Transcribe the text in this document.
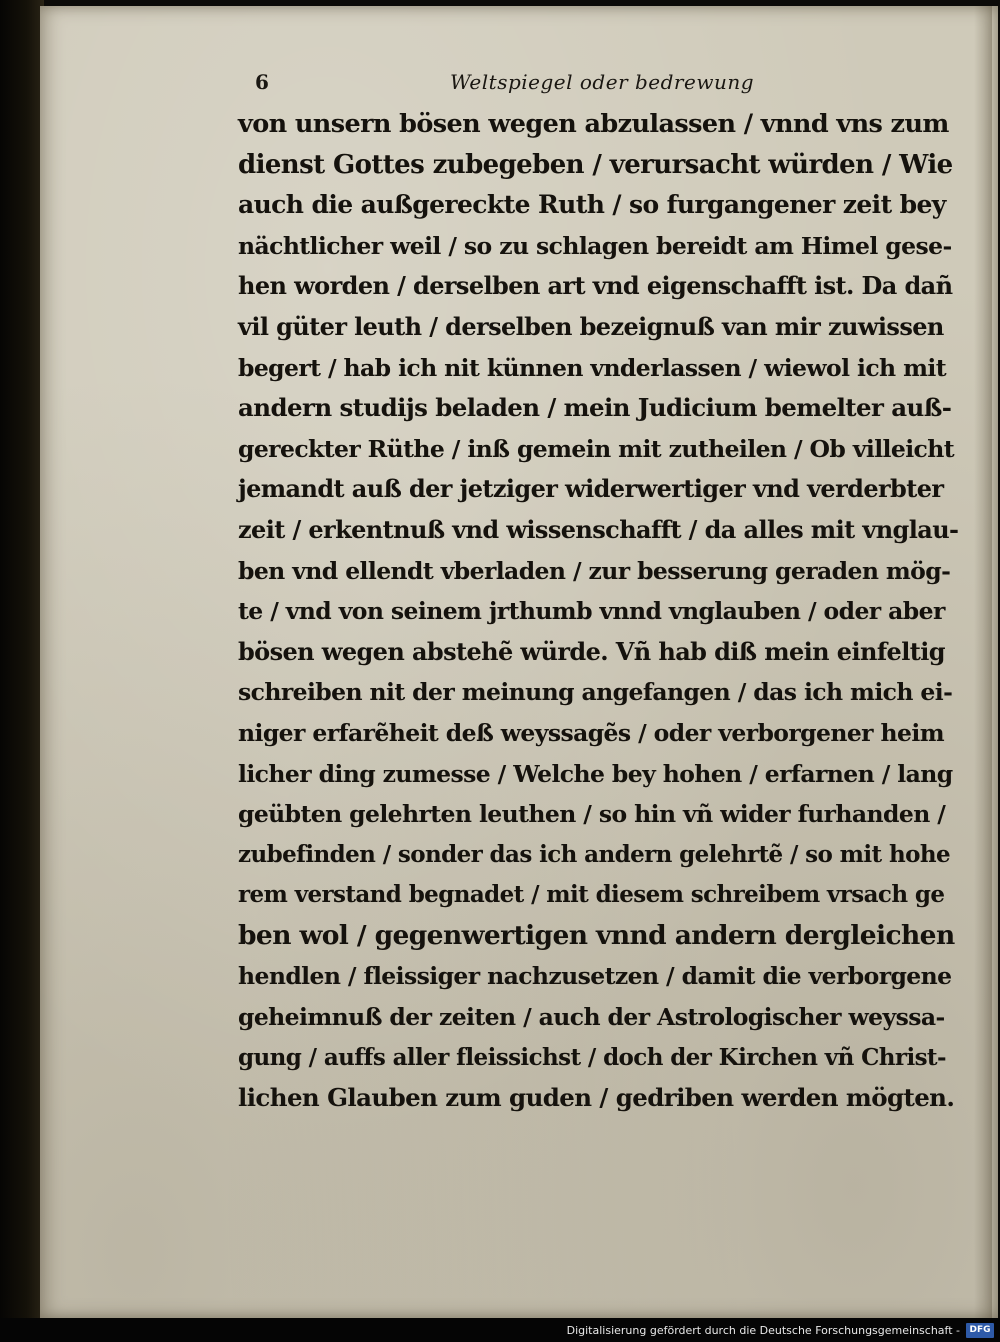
6	Weltspiegel oder bedrewung
von unsern bösen wegen abzulassen / vnnd vns zum
dienst Gottes zubegeben / verursacht würden / Wie
auch die außgereckte Ruth / so furgangener zeit bey
nächtlicher weil / so zu schlagen bereidt am Himel gese-
hen worden / derselben art vnd eigenschafft ist. Da dañ
vil güter leuth / derselben bezeignuß van mir zuwissen
begert / hab ich nit künnen vnderlassen / wiewol ich mit
andern studijs beladen / mein Judicium bemelter auß-
gereckter Rüthe / inß gemein mit zutheilen / Ob villeicht
jemandt auß der jetziger widerwertiger vnd verderbter
zeit / erkentnuß vnd wissenschafft / da alles mit vnglau-
ben vnd ellendt vberladen / zur besserung geraden mög-
te / vnd von seinem jrthumb vnnd vnglauben / oder aber
bösen wegen abstehẽ würde. Vñ hab diß mein einfeltig
schreiben nit der meinung angefangen / das ich mich ei-
niger erfarẽheit deß weyssagẽs / oder verborgener heim
licher ding zumesse / Welche bey hohen / erfarnen / lang
geübten gelehrten leuthen / so hin vñ wider furhanden /
zubefinden / sonder das ich andern gelehrtẽ / so mit hohe
rem verstand begnadet / mit diesem schreibem vrsach ge
ben wol / gegenwertigen vnnd andern dergleichen
hendlen / fleissiger nachzusetzen / damit die verborgene
geheimnuß der zeiten / auch der Astrologischer weyssa-
gung / auffs aller fleissichst / doch der Kirchen vñ Christ-
lichen Glauben zum guden / gedriben werden mögten.
Digitalisierung gefördert durch die Deutsche Forschungsgemeinschaft -	DFG
